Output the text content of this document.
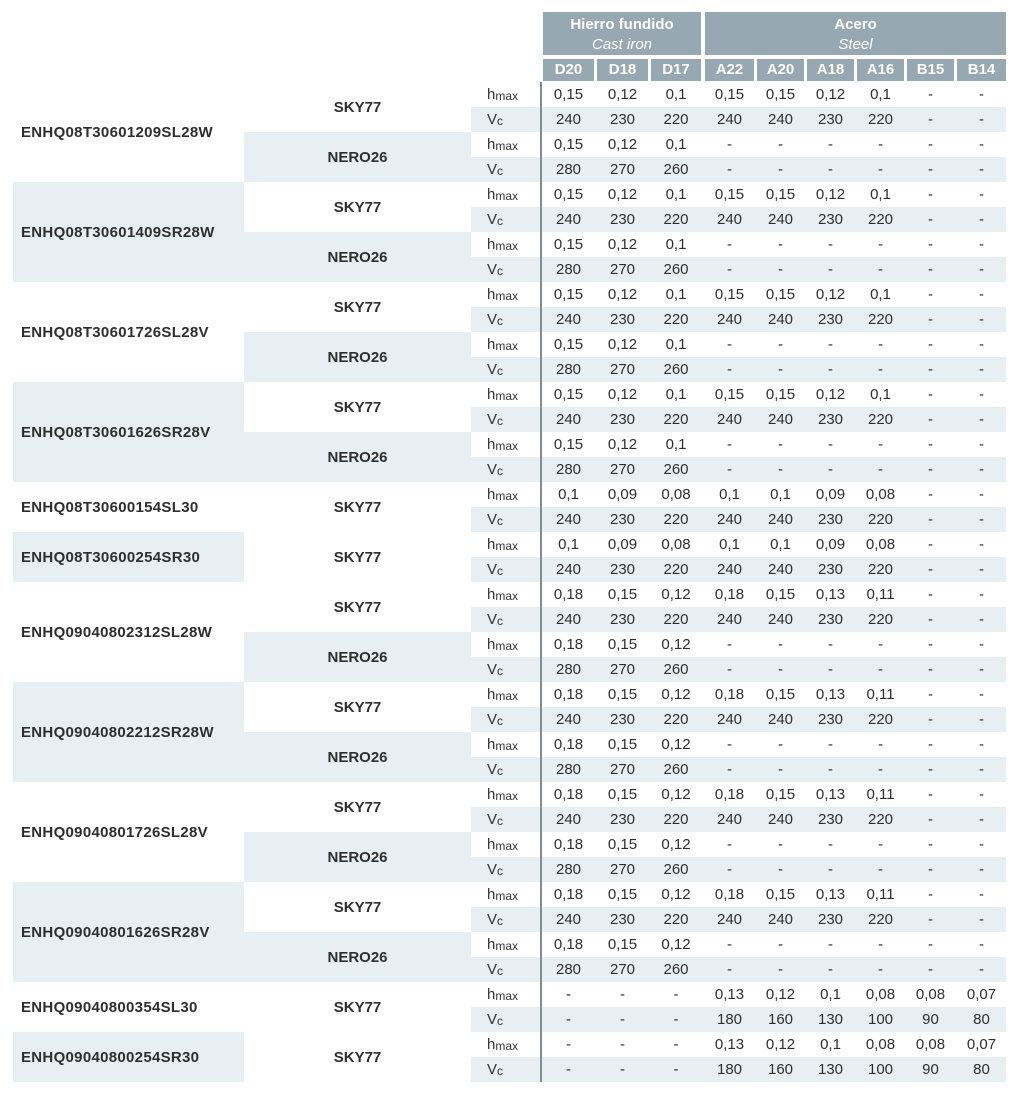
Hierro fundido
Cast iron
Acero
Steel
D20	D18	D17	A22	A20	A18	A16	B15	B14
ENHQ08T30601209SL28W
SKY77
$h_{max}$	0,15	0,12	0,1	0,15	0,15	0,12	0,1	-	-
$V_c$	240	230	220	240	240	230	220	-	-
NERO26
$h_{max}$	0,15	0,12	0,1	-	-	-	-	-	-
$V_c$	280	270	260	-	-	-	-	-	-
ENHQ08T30601409SR28W
SKY77
$h_{max}$	0,15	0,12	0,1	0,15	0,15	0,12	0,1	-	-
$V_c$	240	230	220	240	240	230	220	-	-
NERO26
$h_{max}$	0,15	0,12	0,1	-	-	-	-	-	-
$V_c$	280	270	260	-	-	-	-	-	-
ENHQ08T30601726SL28V
SKY77
$h_{max}$	0,15	0,12	0,1	0,15	0,15	0,12	0,1	-	-
$V_c$	240	230	220	240	240	230	220	-	-
NERO26
$h_{max}$	0,15	0,12	0,1	-	-	-	-	-	-
$V_c$	280	270	260	-	-	-	-	-	-
ENHQ08T30601626SR28V
SKY77
$h_{max}$	0,15	0,12	0,1	0,15	0,15	0,12	0,1	-	-
$V_c$	240	230	220	240	240	230	220	-	-
NERO26
$h_{max}$	0,15	0,12	0,1	-	-	-	-	-	-
$V_c$	280	270	260	-	-	-	-	-	-
ENHQ08T30600154SL30	SKY77
$h_{max}$	0,1	0,09	0,08	0,1	0,1	0,09	0,08	-	-
$V_c$	240	230	220	240	240	230	220	-	-
ENHQ08T30600254SR30	SKY77
$h_{max}$	0,1	0,09	0,08	0,1	0,1	0,09	0,08	-	-
$V_c$	240	230	220	240	240	230	220	-	-
ENHQ09040802312SL28W
SKY77
$h_{max}$	0,18	0,15	0,12	0,18	0,15	0,13	0,11	-	-
$V_c$	240	230	220	240	240	230	220	-	-
NERO26
$h_{max}$	0,18	0,15	0,12	-	-	-	-	-	-
$V_c$	280	270	260	-	-	-	-	-	-
ENHQ09040802212SR28W
SKY77
$h_{max}$	0,18	0,15	0,12	0,18	0,15	0,13	0,11	-	-
$V_c$	240	230	220	240	240	230	220	-	-
NERO26
$h_{max}$	0,18	0,15	0,12	-	-	-	-	-	-
$V_c$	280	270	260	-	-	-	-	-	-
ENHQ09040801726SL28V
SKY77
$h_{max}$	0,18	0,15	0,12	0,18	0,15	0,13	0,11	-	-
$V_c$	240	230	220	240	240	230	220	-	-
NERO26
$h_{max}$	0,18	0,15	0,12	-	-	-	-	-	-
$V_c$	280	270	260	-	-	-	-	-	-
ENHQ09040801626SR28V
SKY77
$h_{max}$	0,18	0,15	0,12	0,18	0,15	0,13	0,11	-	-
$V_c$	240	230	220	240	240	230	220	-	-
NERO26
$h_{max}$	0,18	0,15	0,12	-	-	-	-	-	-
$V_c$	280	270	260	-	-	-	-	-	-
ENHQ09040800354SL30	SKY77
$h_{max}$	-	-	-	0,13	0,12	0,1	0,08	0,08	0,07
$V_c$	-	-	-	180	160	130	100	90	80
ENHQ09040800254SR30	SKY77
$h_{max}$	-	-	-	0,13	0,12	0,1	0,08	0,08	0,07
$V_c$	-	-	-	180	160	130	100	90	80
